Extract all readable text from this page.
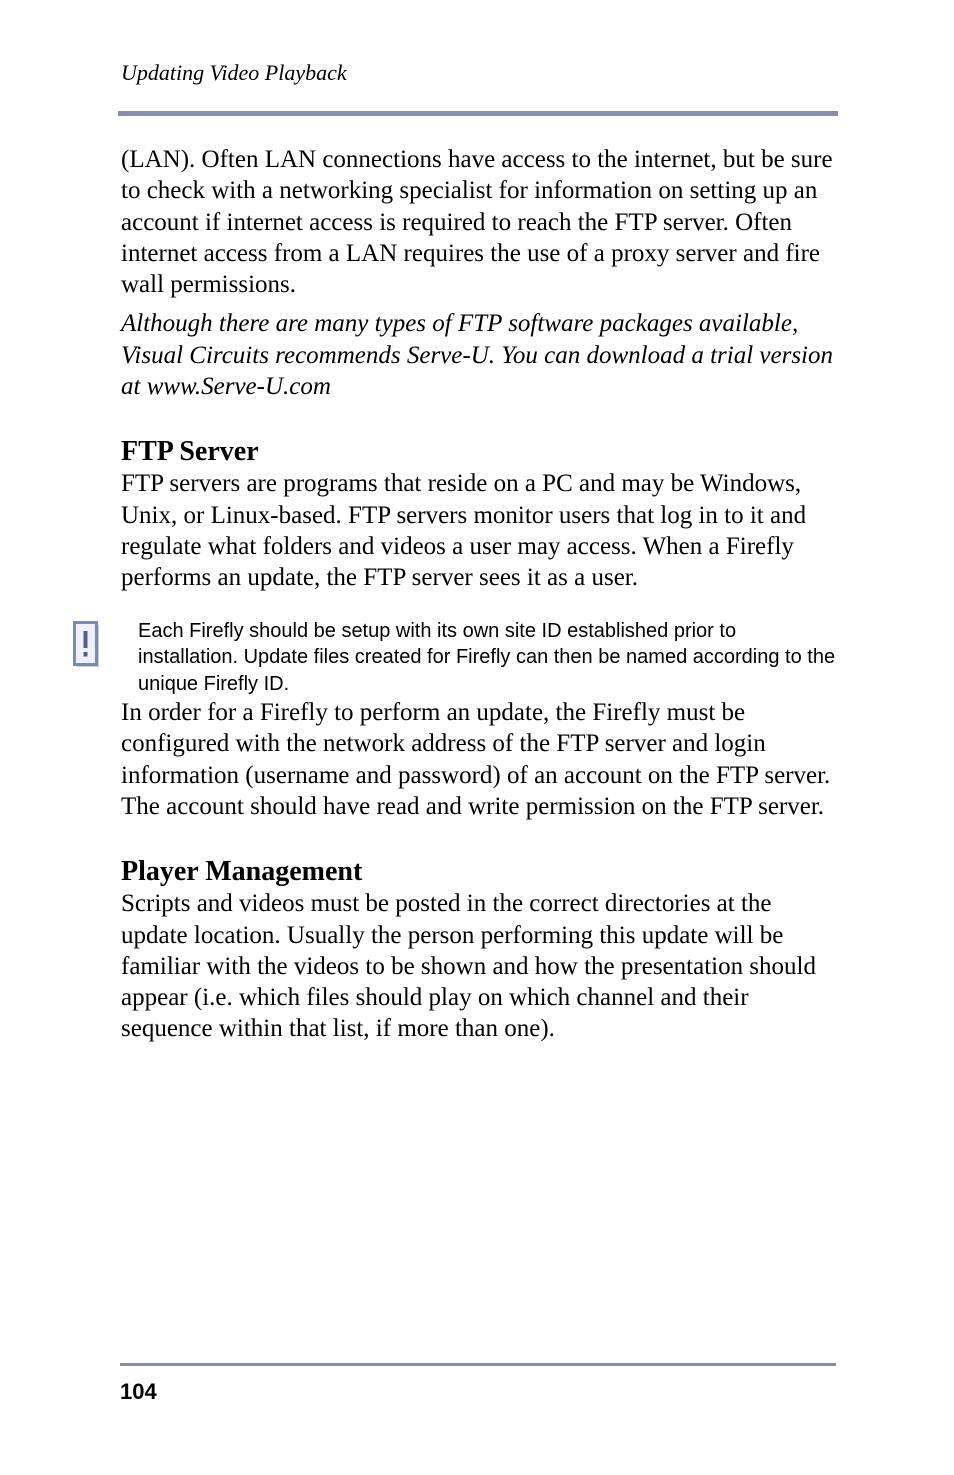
Updating Video Playback

(LAN). Often LAN connections have access to the internet, but be sure to check with a networking specialist for information on setting up an account if internet access is required to reach the FTP server. Often internet access from a LAN requires the use of a proxy server and fire wall permissions.

Although there are many types of FTP software packages available, Visual Circuits recommends Serve-U. You can download a trial version at www.Serve-U.com

FTP Server

FTP servers are programs that reside on a PC and may be Windows, Unix, or Linux-based. FTP servers monitor users that log in to it and regulate what folders and videos a user may access. When a Firefly performs an update, the FTP server sees it as a user.

Each Firefly should be setup with its own site ID established prior to installation. Update files created for Firefly can then be named according to the unique Firefly ID.

In order for a Firefly to perform an update, the Firefly must be configured with the network address of the FTP server and login information (username and password) of an account on the FTP server. The account should have read and write permission on the FTP server.

Player Management

Scripts and videos must be posted in the correct directories at the update location. Usually the person performing this update will be familiar with the videos to be shown and how the presentation should appear (i.e. which files should play on which channel and their sequence within that list, if more than one).

104
